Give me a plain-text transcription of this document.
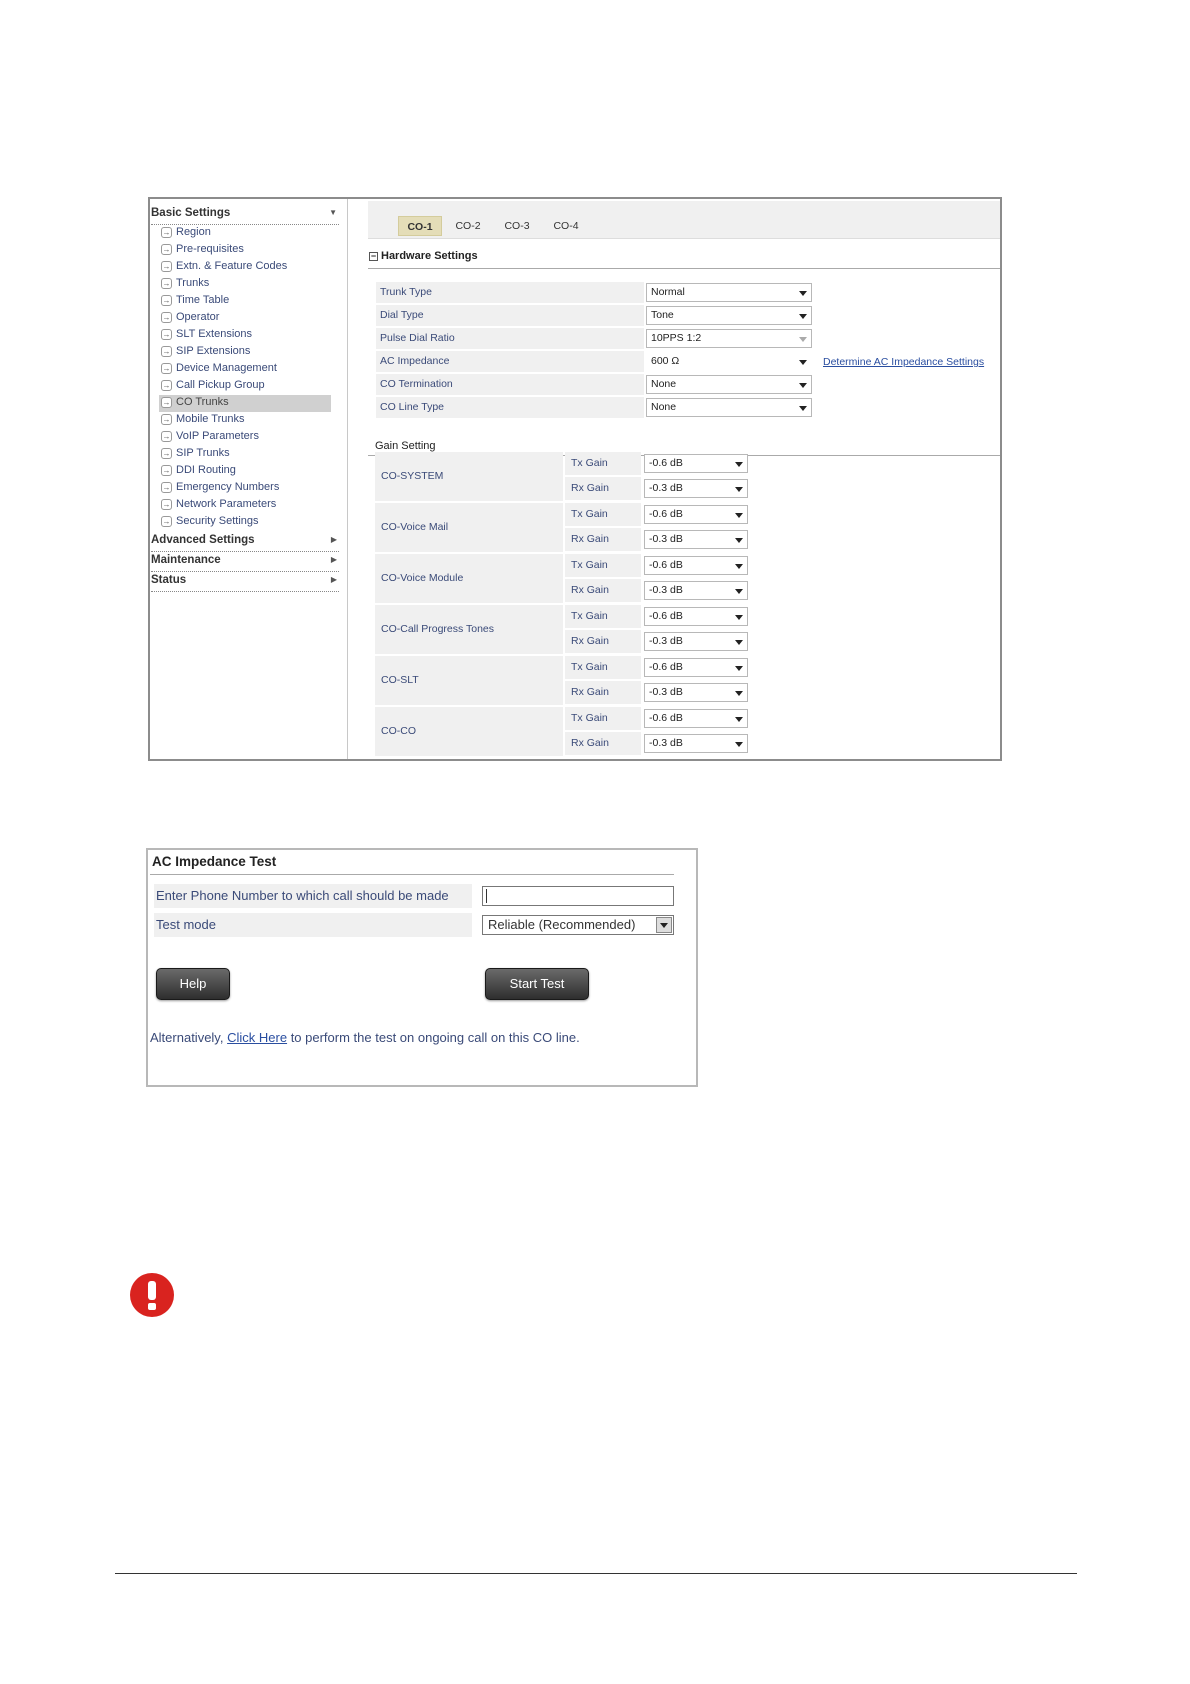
Basic Settings	▼
→ Region
→ Pre-requisites
→ Extn. & Feature Codes
→ Trunks
→ Time Table
→ Operator
→ SLT Extensions
→ SIP Extensions
→ Device Management
→ Call Pickup Group
→ CO Trunks
→ Mobile Trunks
→ VoIP Parameters
→ SIP Trunks
→ DDI Routing
→ Emergency Numbers
→ Network Parameters
→ Security Settings
Advanced Settings	▶
Maintenance	▶
Status	▶
CO-1	CO-2	CO-3	CO-4
− Hardware Settings
Trunk Type	Normal
Dial Type	Tone
Pulse Dial Ratio	10PPS 1:2
AC Impedance	600 Ω
CO Termination	None
CO Line Type	None
Determine AC Impedance Settings
Gain Setting
CO-SYSTEM
Tx Gain	-0.6 dB
Rx Gain	-0.3 dB
CO-Voice Mail
Tx Gain	-0.6 dB
Rx Gain	-0.3 dB
CO-Voice Module
Tx Gain	-0.6 dB
Rx Gain	-0.3 dB
CO-Call Progress Tones
Tx Gain	-0.6 dB
Rx Gain	-0.3 dB
CO-SLT
Tx Gain	-0.6 dB
Rx Gain	-0.3 dB
CO-CO
Tx Gain	-0.6 dB
Rx Gain	-0.3 dB
AC Impedance Test
Enter Phone Number to which call should be made
Test mode	Reliable (Recommended)
Help	Start Test
Alternatively, Click Here to perform the test on ongoing call on this CO line.
